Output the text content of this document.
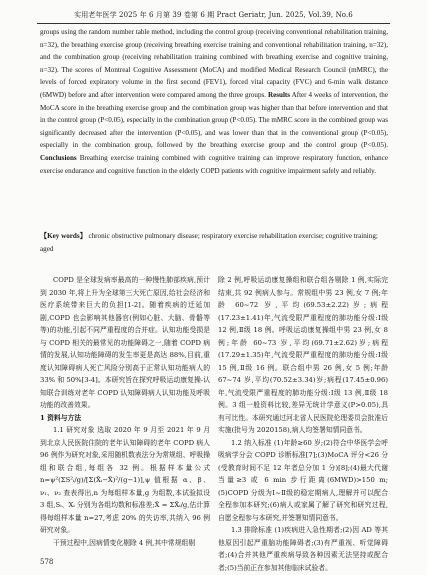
实用老年医学 2025 年 6 月第 39 卷第 6 期 Pract Geriatr, Jun. 2025, Vol.39, No.6

groups using the random number table method, including the control group (receiving conventional rehabilitation training, n=32), the breathing exercise group (receiving breathing exercise training and conventional rehabilitation training, n=32), and the combination group (receiving rehabilitation training combined with breathing exercise and cognitive training, n=32). The scores of Montreal Cognitive Assessment (MoCA) and modified Medical Research Council (mMRC), the levels of forced expiratory volume in the first second (FEV1), forced vital capacity (FVC) and 6-min walk distance (6MWD) before and after intervention were compared among the three groups. Results After 4 weeks of intervention, the MoCA score in the breathing exercise group and the combination group was higher than that before intervention and that in the control group (P<0.05), especially in the combination group (P<0.05). The mMRC score in the combined group was significantly decreased after the intervention (P<0.05), and was lower than that in the conventional group (P<0.05), especially in the combination group, followed by the breathing exercise group and the control group (P<0.05). Conclusions Breathing exercise training combined with cognitive training can improve respiratory function, enhance exercise endurance and cognitive function in the elderly COPD patients with cognitive impairment safely and reliably.

【Key words】 chronic obstructive pulmonary disease; respiratory exercise rehabilitation exercise; cognitive training; aged

COPD 是全球发病率最高的一种慢性肺部疾病,预计到 2030 年,将上升为全球第三大死亡原因,给社会经济和医疗系统带来巨大的负担[1-2]。随着疾病的迁延加剧,COPD 也会影响其他器官(例如心脏、大脑、骨骼等等)的功能,引起不同严重程度的合并症。认知功能受损是与 COPD 相关的最常见的功能障碍之一,随着 COPD 病情的发展,认知功能障碍的发生率更是高达 88%,目前,重度认知障碍病人死亡风险分别高于正常认知功能病人的 33% 和 50%[3-4]。本研究旨在探究呼吸运动康复操-认知联合训练对老年 COPD 认知障碍病人认知功能及呼吸功能的改善效果。

1 资料与方法

1.1 研究对象 选取 2020 年 9 月至 2021 年 9 月到北京人民医院住院的老年认知障碍的老年 COPD 病人 96 例作为研究对象,采用随机数表法分为常规组、呼吸操组和联合组,每组各 32 例。根据样本量公式 n=ψ²(ΣS²ᵢ/g)/[Σ(X̄ᵢ−X̄)²/(g−1)],ψ 值根据 α、β、ν₁、ν₂ 查表得出,n 为每组样本量,g 为组数,本试验拟设 3 组,Sᵢ、Xᵢ 分别为各组均数和标准差;X̄ = ΣX̄ᵢ/g,估计算得每组样本量 n=27,考虑 20% 的失访率,共纳入 96 例研究对象。

干预过程中,因病情变化剔除 4 例,其中常规组剔

除 2 例,呼吸运动康复操组和联合组各剔除 1 例,实际完结束,共 92 例病人参与。常规组中男 23 例,女 7 例;年龄 60~72 岁,平均(69.53±2.22)岁;病程(17.23±1.41)年,气流受限严重程度的肺功能分级:Ⅰ级 12 例,Ⅱ级 18 例。呼吸运动康复操组中男 23 例,女 8 例;年龄 60~73 岁,平均(69.71±2.62)岁;病程(17.29±1.35)年,气流受限严重程度的肺功能分级:Ⅰ级 15 例,Ⅱ级 16 例。联合组中男 26 例,女 5 例;年龄 67~74 岁,平均(70.52±3.34)岁;病程(17.45±0.96)年,气流受限严重程度的肺功能分级:Ⅰ级 13 例,Ⅱ级 18 例。3 组一般资料比较,差异无统计学意义(P>0.05),具有可比性。本研究通过河北省人民医院伦理委员会批准后实施(批号为 2020158),病人均签署知情同意书。

1.2 纳入标准 (1)年龄≥60 岁;(2)符合中华医学会呼吸病学分会 COPD 诊断标准[7];(3)MoCA 评分<26 分(受教育时间不足 12 年者总分加 1 分)[8];(4)最大代谢当量≥3 或 6 min 步行距离(6MWD)>150 m;(5)COPD 分级为Ⅰ~Ⅱ级的稳定期病人,理解并可以配合全程参加本研究;(6)病人或家属了解了研究和研究过程,自愿全程参与本研究,并签署知情同意书。

1.3 排除标准 (1)疾病进入急性期者;(2)因 AD 等其他原因引起严重脑功能障碍者;(3)有严重视、听觉障碍者;(4)合并其他严重疾病导致各种因素无法坚持或配合者;(5)当前正在参加其他临床试验者。

578
